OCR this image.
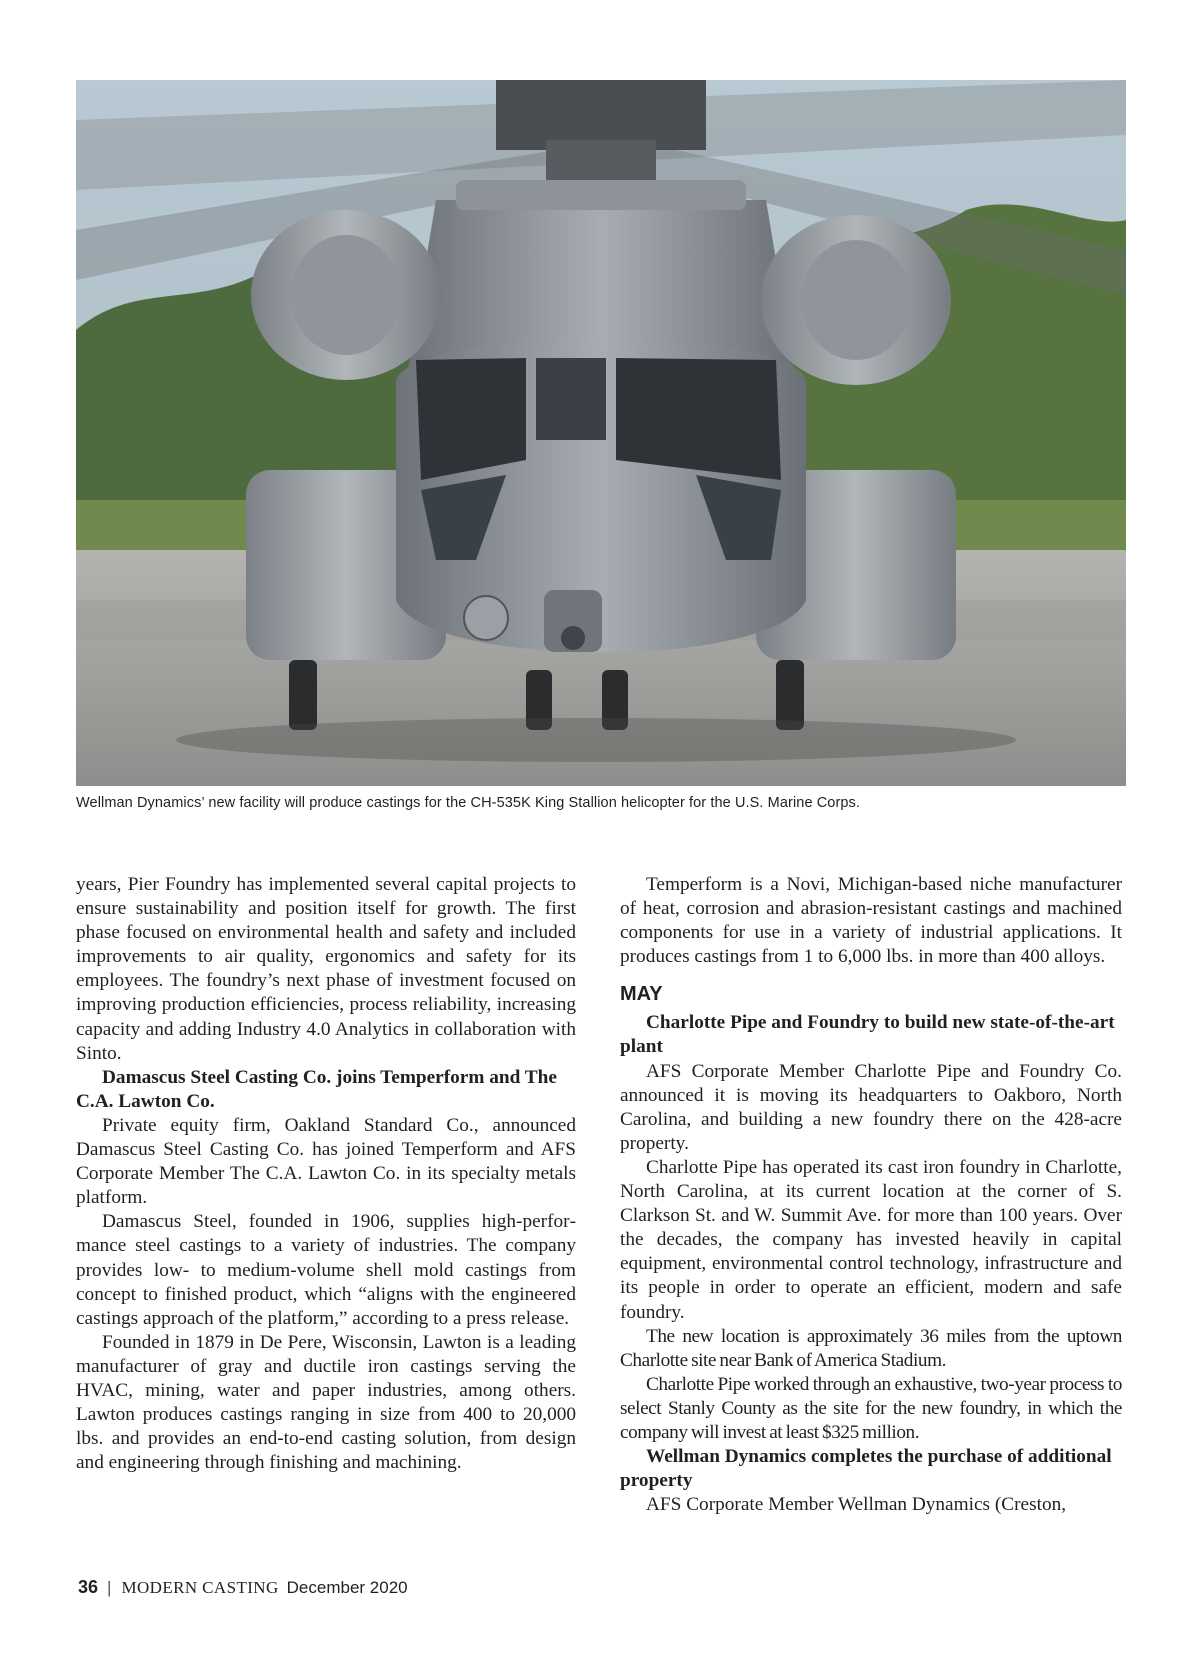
Wellman Dynamics’ new facility will produce castings for the CH-535K King Stallion helicopter for the U.S. Marine Corps.

years, Pier Foundry has implemented several capital projects to ensure sustainability and position itself for growth. The first phase focused on environmental health and safety and included improvements to air quality, ergonomics and safety for its employees. The foundry’s next phase of investment focused on improving production efficiencies, process reliability, increasing capacity and adding Industry 4.0 Analytics in collaboration with Sinto.

Damascus Steel Casting Co. joins Temperform and The C.A. Lawton Co.

Private equity firm, Oakland Standard Co., announced Damascus Steel Casting Co. has joined Temperform and AFS Corporate Member The C.A. Lawton Co. in its specialty metals platform.

Damascus Steel, founded in 1906, supplies high-performance steel castings to a variety of industries. The company provides low- to medium-volume shell mold castings from concept to finished product, which “aligns with the engineered castings approach of the platform,” according to a press release.

Founded in 1879 in De Pere, Wisconsin, Lawton is a leading manufacturer of gray and ductile iron castings serving the HVAC, mining, water and paper industries, among others. Lawton produces castings ranging in size from 400 to 20,000 lbs. and provides an end-to-end casting solution, from design and engineering through finishing and machining.

Temperform is a Novi, Michigan-based niche manufacturer of heat, corrosion and abrasion-resistant castings and machined components for use in a variety of industrial applications. It produces castings from 1 to 6,000 lbs. in more than 400 alloys.

MAY

Charlotte Pipe and Foundry to build new state-of-the-art plant

AFS Corporate Member Charlotte Pipe and Foundry Co. announced it is moving its headquarters to Oakboro, North Carolina, and building a new foundry there on the 428-acre property.

Charlotte Pipe has operated its cast iron foundry in Charlotte, North Carolina, at its current location at the corner of S. Clarkson St. and W. Summit Ave. for more than 100 years. Over the decades, the company has invested heavily in capital equipment, environmental control technology, infrastructure and its people in order to operate an efficient, modern and safe foundry.

The new location is approximately 36 miles from the uptown Charlotte site near Bank of America Stadium.

Charlotte Pipe worked through an exhaustive, two-year process to select Stanly County as the site for the new foundry, in which the company will invest at least $325 million.

Wellman Dynamics completes the purchase of additional property

AFS Corporate Member Wellman Dynamics (Creston,

36 | MODERN CASTING December 2020
